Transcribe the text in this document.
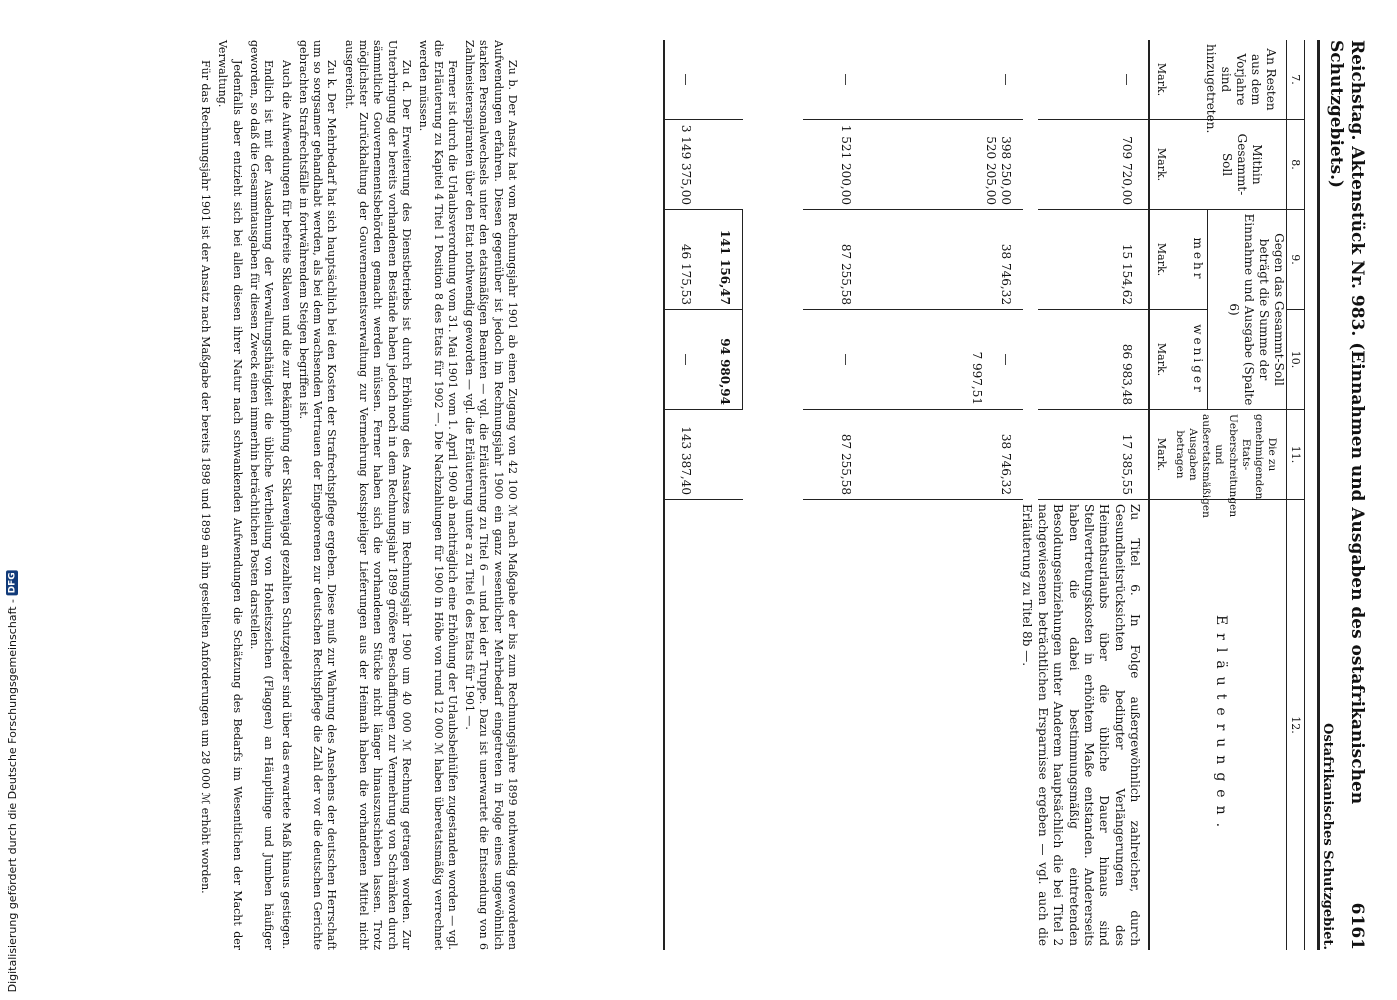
Reichstag. Aktenstück Nr. 983. (Einnahmen und Ausgaben des ostafrikanischen Schutzgebiets.)
6161
Ostafrikanisches Schutzgebiet.
7.
8.
9.
10.
11.
12.
An Resten aus dem Vorjahre sind hinzugetreten.
Mark.
Mithin Gesammt-Soll
Mark.
Gegen das Gesammt-Soll beträgt die Summe der Einnahme und Ausgabe (Spalte 6)
mehr
Mark.
weniger
Mark.
Die zu genehmigenden Etats-Ueberschreitungen und außeretatsmäßigen Ausgaben betragen
Mark.
Erläuterungen.
—
709 720,00
15 154,62
86 983,48
17 385,55
Zu Titel 6. In Folge außergewöhnlich zahlreicher, durch Gesundheitsrücksichten bedingter Verlängerungen des Heimathsurlaubs über die übliche Dauer hinaus sind Stellvertretungskosten in erhöhtem Maße entstanden. Andererseits haben die dabei bestimmungsmäßig eintretenden Besoldungseinziehungen unter Anderem hauptsächlich die bei Titel 2 nachgewiesenen beträchtlichen Ersparnisse ergeben — vgl. auch die Erläuterung zu Titel 8b —.
—
398 250,00
520 205,00
38 746,32
—
7 997,51
38 746,32
—
1 521 200,00
87 255,58
—
87 255,58
141 156,47
94 980,94
—
3 149 375,00
46 175,53
—
143 387,40

Zu b. Der Ansatz hat vom Rechnungsjahr 1901 ab einen Zugang von 42 100 ℳ nach Maßgabe der bis zum Rechnungsjahre 1899 nothwendig gewordenen Aufwendungen erfahren. Diesen gegenüber ist jedoch im Rechnungsjahr 1900 ein ganz wesentlicher Mehrbedarf eingetreten in Folge eines ungewöhnlich starken Personalwechsels unter den etatsmäßigen Beamten — vgl. die Erläuterung zu Titel 6 — und bei der Truppe. Dazu ist unerwartet die Entsendung von 6 Zahlmeisteraspiranten über den Etat nothwendig geworden — vgl. die Erläuterung unter a zu Titel 6 des Etats für 1901 —.

Ferner ist durch die Urlaubsverordnung vom 31. Mai 1901 vom 1. April 1900 ab nachträglich eine Erhöhung der Urlaubsbeihülfen zugestanden worden — vgl. die Erläuterung zu Kapitel 4 Titel 1 Position 8 des Etats für 1902 —. Die Nachzahlungen für 1900 in Höhe von rund 12 000 ℳ haben überetatsmäßig verrechnet werden müssen.

Zu d. Der Erweiterung des Dienstbetriebs ist durch Erhöhung des Ansatzes im Rechnungsjahr 1900 um 40 000 ℳ Rechnung getragen worden. Zur Unterbringung der bereits vorhandenen Bestände haben jedoch noch in dem Rechnungsjahr 1899 größere Beschaffungen zur Vermehrung von Schränken durch sämmtliche Gouvernementsbehörden gemacht werden müssen. Ferner haben sich die vorhandenen Stücke nicht länger hinauszuschieben lassen. Trotz möglichster Zurückhaltung der Gouvernementsverwaltung zur Vermehrung kostspieliger Lieferungen aus der Heimath haben die vorhandenen Mittel nicht ausgereicht.

Zu k. Der Mehrbedarf hat sich hauptsächlich bei den Kosten der Strafrechtspflege ergeben. Diese muß zur Wahrung des Ansehens der deutschen Herrschaft um so sorgsamer gehandhabt werden, als bei dem wachsenden Vertrauen der Eingeborenen zur deutschen Rechtspflege die Zahl der vor die deutschen Gerichte gebrachten Strafrechtsfälle in fortwährendem Steigen begriffen ist.

Auch die Aufwendungen für befreite Sklaven und die zur Bekämpfung der Sklavenjagd gezahlten Schutzgelder sind über das erwartete Maß hinaus gestiegen.

Endlich ist mit der Ausdehnung der Verwaltungsthätigkeit die übliche Vertheilung von Hoheitszeichen (Flaggen) an Häuptlinge und Jumben häufiger geworden, so daß die Gesammtausgaben für diesen Zweck einen immerhin beträchtlichen Posten darstellen.

Jedenfalls aber entzieht sich bei allen diesen ihrer Natur nach schwankenden Aufwendungen die Schätzung des Bedarfs im Wesentlichen der Macht der Verwaltung.

Für das Rechnungsjahr 1901 ist der Ansatz nach Maßgabe der bereits 1898 und 1899 an ihn gestellten Anforderungen um 28 000 ℳ erhöht worden.

Digitalisierung gefördert durch die Deutsche Forschungsgemeinschaft -
DFG
